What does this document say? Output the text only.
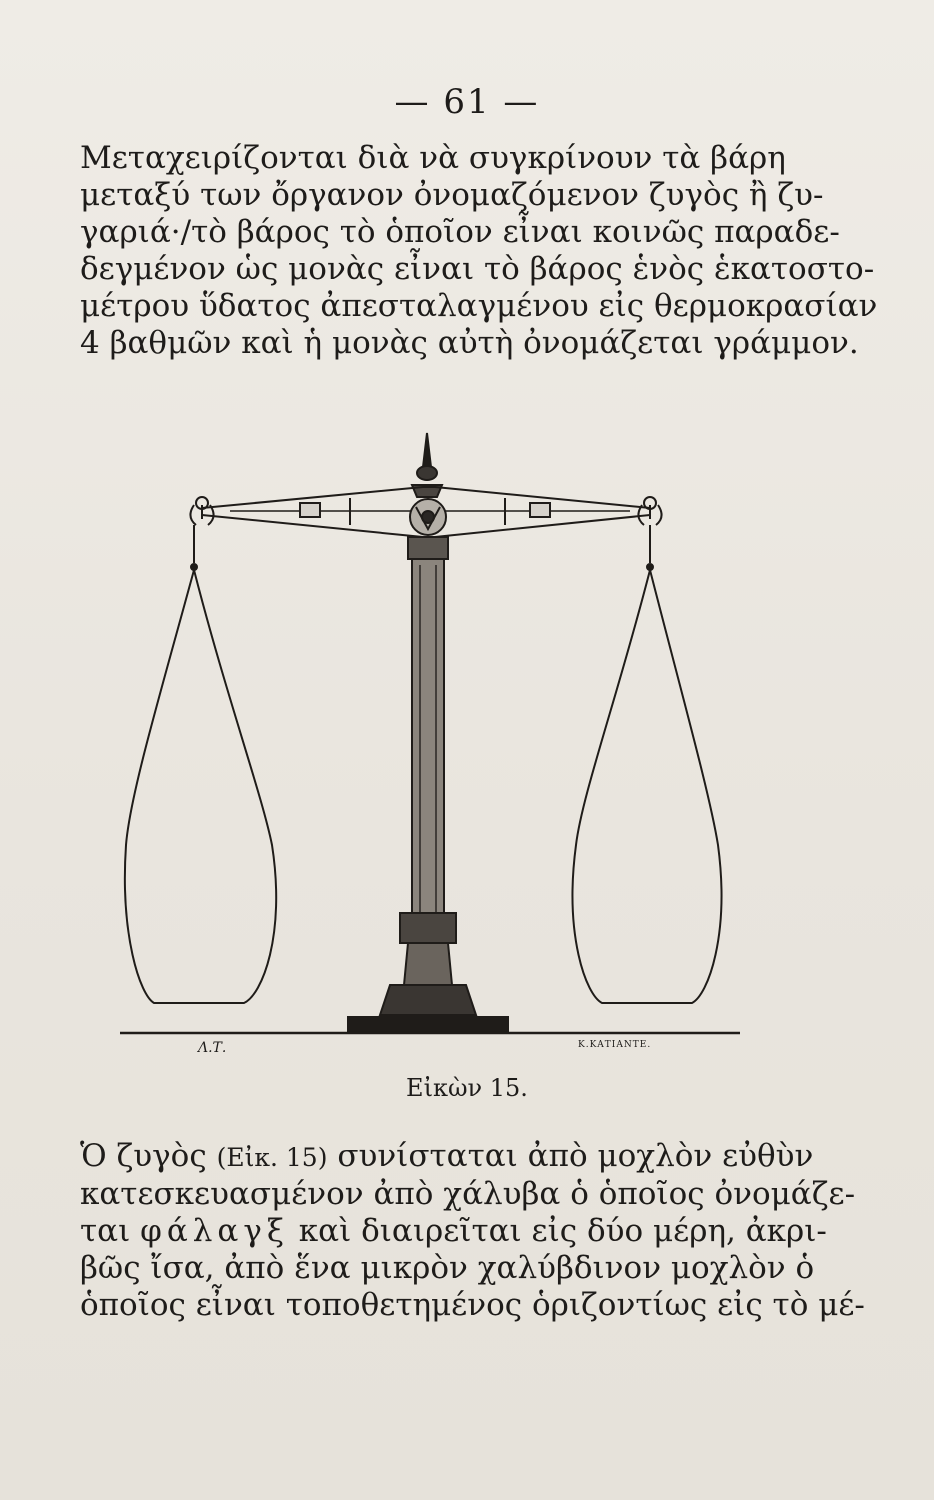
— 61 —
Μεταχειρίζονται διὰ νὰ συγκρίνουν τὰ βάρη
μεταξύ των ὄργανον ὀνομαζόμενον ζυγὸς ἢ ζυ-
γαριά·/τὸ βάρος τὸ ὁποῖον εἶναι κοινῶς παραδε-
δεγμένον ὡς μονὰς εἶναι τὸ βάρος ἑνὸς ἑκατοστο-
μέτρου ὕδατος ἀπεσταλαγμένου εἰς θερμοκρασίαν
4 βαθμῶν καὶ ἡ μονὰς αὐτὴ ὀνομάζεται γράμμον.
Λ.Τ.	Κ.ΚΑΤΙΑΝΤΕ.
Εἰκὼν 15.
Ὁ ζυγὸς (Εἰκ. 15) συνίσταται ἀπὸ μοχλὸν εὐθὺν
κατεσκευασμένον ἀπὸ χάλυβα ὁ ὁποῖος ὀνομάζε-
ται φάλαγξ καὶ διαιρεῖται εἰς δύο μέρη, ἀκρι-
βῶς ἴσα, ἀπὸ ἕνα μικρὸν χαλύβδινον μοχλὸν ὁ
ὁποῖος εἶναι τοποθετημένος ὁριζοντίως εἰς τὸ μέ-
